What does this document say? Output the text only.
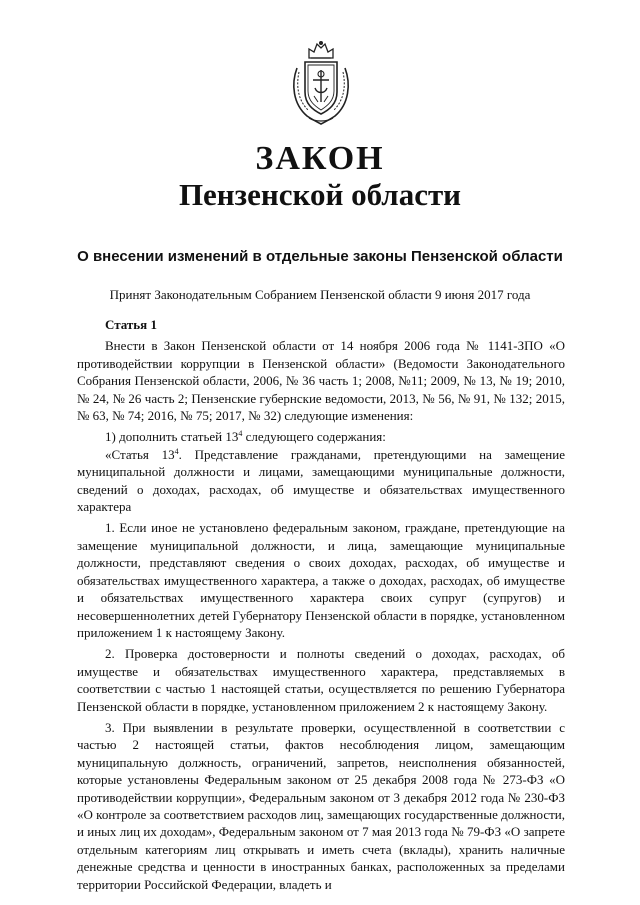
ЗАКОН
Пензенской области
О внесении изменений в отдельные законы Пензенской области
Принят Законодательным Собранием Пензенской области 9 июня 2017 года
Статья 1
Внести в Закон Пензенской области от 14 ноября 2006 года № 1141-ЗПО «О противодействии коррупции в Пензенской области» (Ведомости Законодательного Собрания Пензенской области, 2006, № 36 часть 1; 2008, №11; 2009, № 13, № 19; 2010, № 24, № 26 часть 2; Пензенские губернские ведомости, 2013, № 56, № 91, № 132; 2015, № 63, № 74; 2016, № 75; 2017, № 32) следующие изменения:
1) дополнить статьей $13^4$ следующего содержания:
«Статья $13^4$. Представление гражданами, претендующими на замещение муниципальной должности и лицами, замещающими муниципальные должности, сведений о доходах, расходах, об имуществе и обязательствах имущественного характера
1. Если иное не установлено федеральным законом, граждане, претендующие на замещение муниципальной должности, и лица, замещающие муниципальные должности, представляют сведения о своих доходах, расходах, об имуществе и обязательствах имущественного характера, а также о доходах, расходах, об имуществе и обязательствах имущественного характера своих супруг (супругов) и несовершеннолетних детей Губернатору Пензенской области в порядке, установленном приложением 1 к настоящему Закону.
2. Проверка достоверности и полноты сведений о доходах, расходах, об имуществе и обязательствах имущественного характера, представляемых в соответствии с частью 1 настоящей статьи, осуществляется по решению Губернатора Пензенской области в порядке, установленном приложением 2 к настоящему Закону.
3. При выявлении в результате проверки, осуществленной в соответствии с частью 2 настоящей статьи, фактов несоблюдения лицом, замещающим муниципальную должность, ограничений, запретов, неисполнения обязанностей, которые установлены Федеральным законом от 25 декабря 2008 года № 273-ФЗ «О противодействии коррупции», Федеральным законом от 3 декабря 2012 года № 230-ФЗ «О контроле за соответствием расходов лиц, замещающих государственные должности, и иных лиц их доходам», Федеральным законом от 7 мая 2013 года № 79-ФЗ «О запрете отдельным категориям лиц открывать и иметь счета (вклады), хранить наличные денежные средства и ценности в иностранных банках, расположенных за пределами территории Российской Федерации, владеть и
